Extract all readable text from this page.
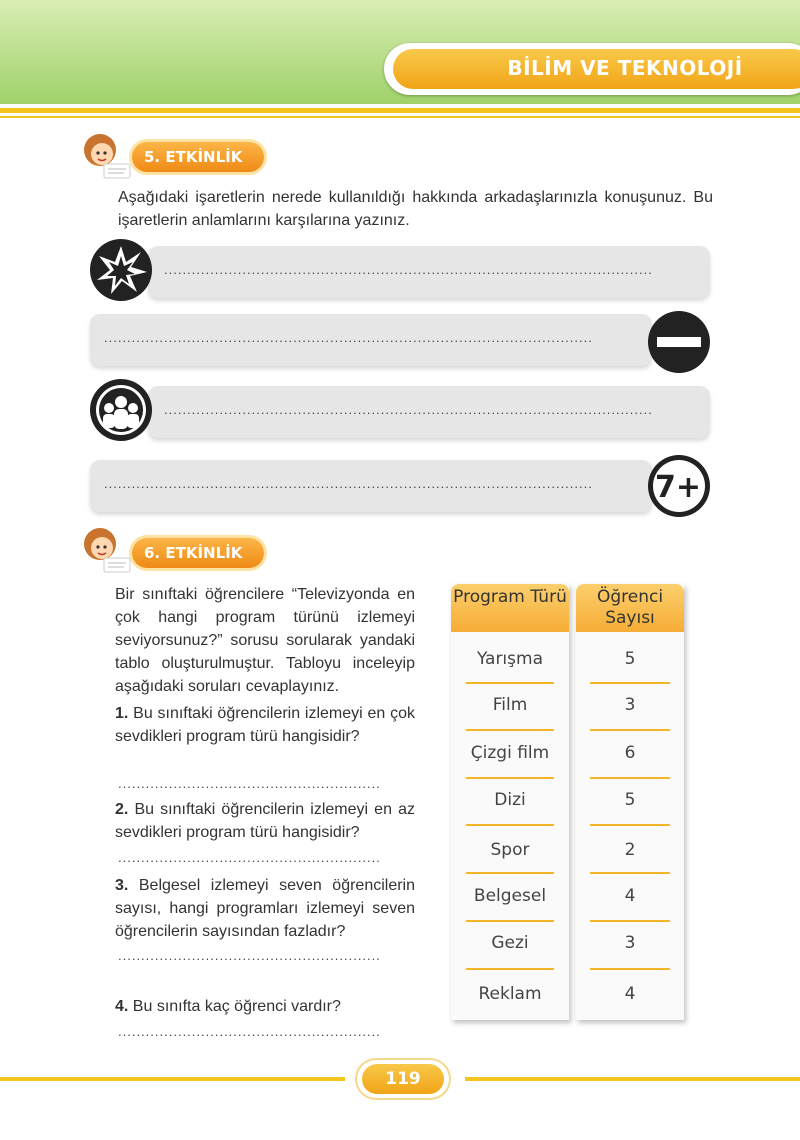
BİLİM VE TEKNOLOJİ
5. ETKİNLİK
Aşağıdaki işaretlerin nerede kullanıldığı hakkında arkadaşlarınızla konuşunuz. Bu işaretlerin anlamlarını karşılarına yazınız.
..........................................................................................................
..........................................................................................................
..........................................................................................................
..........................................................................................................	7+
6. ETKİNLİK
Bir sınıftaki öğrencilere “Televizyonda en çok hangi program türünü izlemeyi seviyorsunuz?” sorusu sorularak yandaki tablo oluşturulmuştur. Tabloyu inceleyip aşağıdaki soruları cevaplayınız.
1. Bu sınıftaki öğrencilerin izlemeyi en çok sevdikleri program türü hangisidir?
.........................................................
2. Bu sınıftaki öğrencilerin izlemeyi en az sevdikleri program türü hangisidir?
.........................................................
3. Belgesel izlemeyi seven öğrencilerin sayısı, hangi programları izlemeyi seven öğrencilerin sayısından fazladır?
.........................................................
4. Bu sınıfta kaç öğrenci vardır?
.........................................................
Program Türü	Öğrenci Sayısı
Yarışma	5
Film	3
Çizgi film	6
Dizi	5
Spor	2
Belgesel	4
Gezi	3
Reklam	4
119
